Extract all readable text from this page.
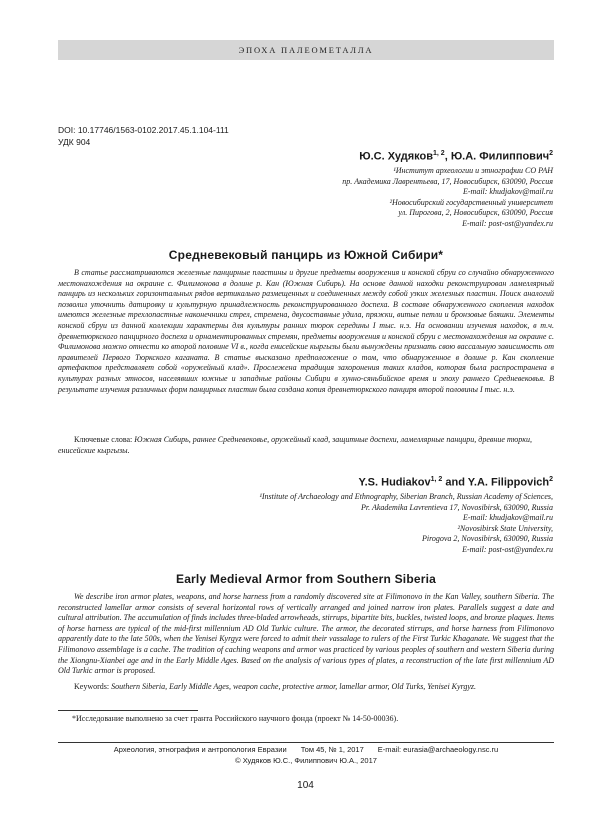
ЭПОХА ПАЛЕОМЕТАЛЛА
DOI: 10.17746/1563-0102.2017.45.1.104-111
УДК 904
Ю.С. Худяков$^{1, 2}$, Ю.А. Филиппович$^2$

¹Институт археологии и этнографии СО РАН

пр. Академика Лаврентьева, 17, Новосибирск, 630090, Россия

E-mail: khudjakov@mail.ru

²Новосибирский государственный университет

ул. Пирогова, 2, Новосибирск, 630090, Россия

E-mail: post-ost@yandex.ru

Средневековый панцирь из Южной Сибири*

В статье рассматриваются железные панцирные пластины и другие предметы вооружения и конской сбруи со случайно обнаруженного местонахождения на окраине с. Филимонова в долине р. Кан (Южная Сибирь). На основе данной находки реконструирован ламеллярный панцирь из нескольких горизонтальных рядов вертикально размещенных и соединенных между собой узких железных пластин. Поиск аналогий позволил уточнить датировку и культурную принадлежность реконструированного доспеха. В составе обнаруженного скопления находок имеются железные трехлопастные наконечники стрел, стремена, двусоставные удила, пряжки, витые петли и бронзовые бляшки. Элементы конской сбруи из данной коллекции характерны для культуры ранних тюрок середины I тыс. н.э. На основании изучения находок, в т.ч. древнетюркского панцирного доспеха и орнаментированных стремян, предметы вооружения и конской сбруи с местонахождения на окраине с. Филимонова можно отнести ко второй половине VI в., когда енисейские кыргызы были вынуждены признать свою вассальную зависимость от правителей Первого Тюркского каганата. В статье высказано предположение о том, что обнаруженное в долине р. Кан скопление артефактов представляет собой «оружейный клад». Прослежена традиция захоронения таких кладов, которая была распространена в культурах разных этносов, населявших южные и западные районы Сибири в хунно-сяньбийское время и эпоху раннего Средневековья. В результате изучения различных форм панцирных пластин была создана копия древнетюркского панциря второй половины I тыс. н.э.

Ключевые слова: Южная Сибирь, раннее Средневековье, оружейный клад, защитные доспехи, ламеллярные панцири, древние тюрки, енисейские кыргызы.

Y.S. Hudiakov$^{1, 2}$ and Y.A. Filippovich$^2$

¹Institute of Archaeology and Ethnography, Siberian Branch, Russian Academy of Sciences,

Pr. Akademika Lavrentieva 17, Novosibirsk, 630090, Russia

E-mail: khudjakov@mail.ru

²Novosibirsk State University,

Pirogova 2, Novosibirsk, 630090, Russia

E-mail: post-ost@yandex.ru

Early Medieval Armor from Southern Siberia

We describe iron armor plates, weapons, and horse harness from a randomly discovered site at Filimonovo in the Kan Valley, southern Siberia. The reconstructed lamellar armor consists of several horizontal rows of vertically arranged and joined narrow iron plates. Parallels suggest a date and cultural attribution. The accumulation of finds includes three-bladed arrowheads, stirrups, bipartite bits, buckles, twisted loops, and bronze plaques. Items of horse harness are typical of the mid-first millennium AD Old Turkic culture. The armor, the decorated stirrups, and horse harness from Filimonovo apparently date to the late 500s, when the Yenisei Kyrgyz were forced to admit their vassalage to rulers of the First Turkic Khaganate. We suggest that the Filimonovo assemblage is a cache. The tradition of caching weapons and armor was practiced by various peoples of southern and western Siberia during the Xiongnu-Xianbei age and in the Early Middle Ages. Based on the analysis of various types of plates, a reconstruction of the late first millennium AD Old Turkic armor is proposed.

Keywords: Southern Siberia, Early Middle Ages, weapon cache, protective armor, lamellar armor, Old Turks, Yenisei Kyrgyz.

*Исследование выполнено за счет гранта Российского научного фонда (проект № 14-50-00036).
Археология, этнография и антропология Евразии Том 45, № 1, 2017 E-mail: eurasia@archaeology.nsc.ru
© Худяков Ю.С., Филиппович Ю.А., 2017
104
